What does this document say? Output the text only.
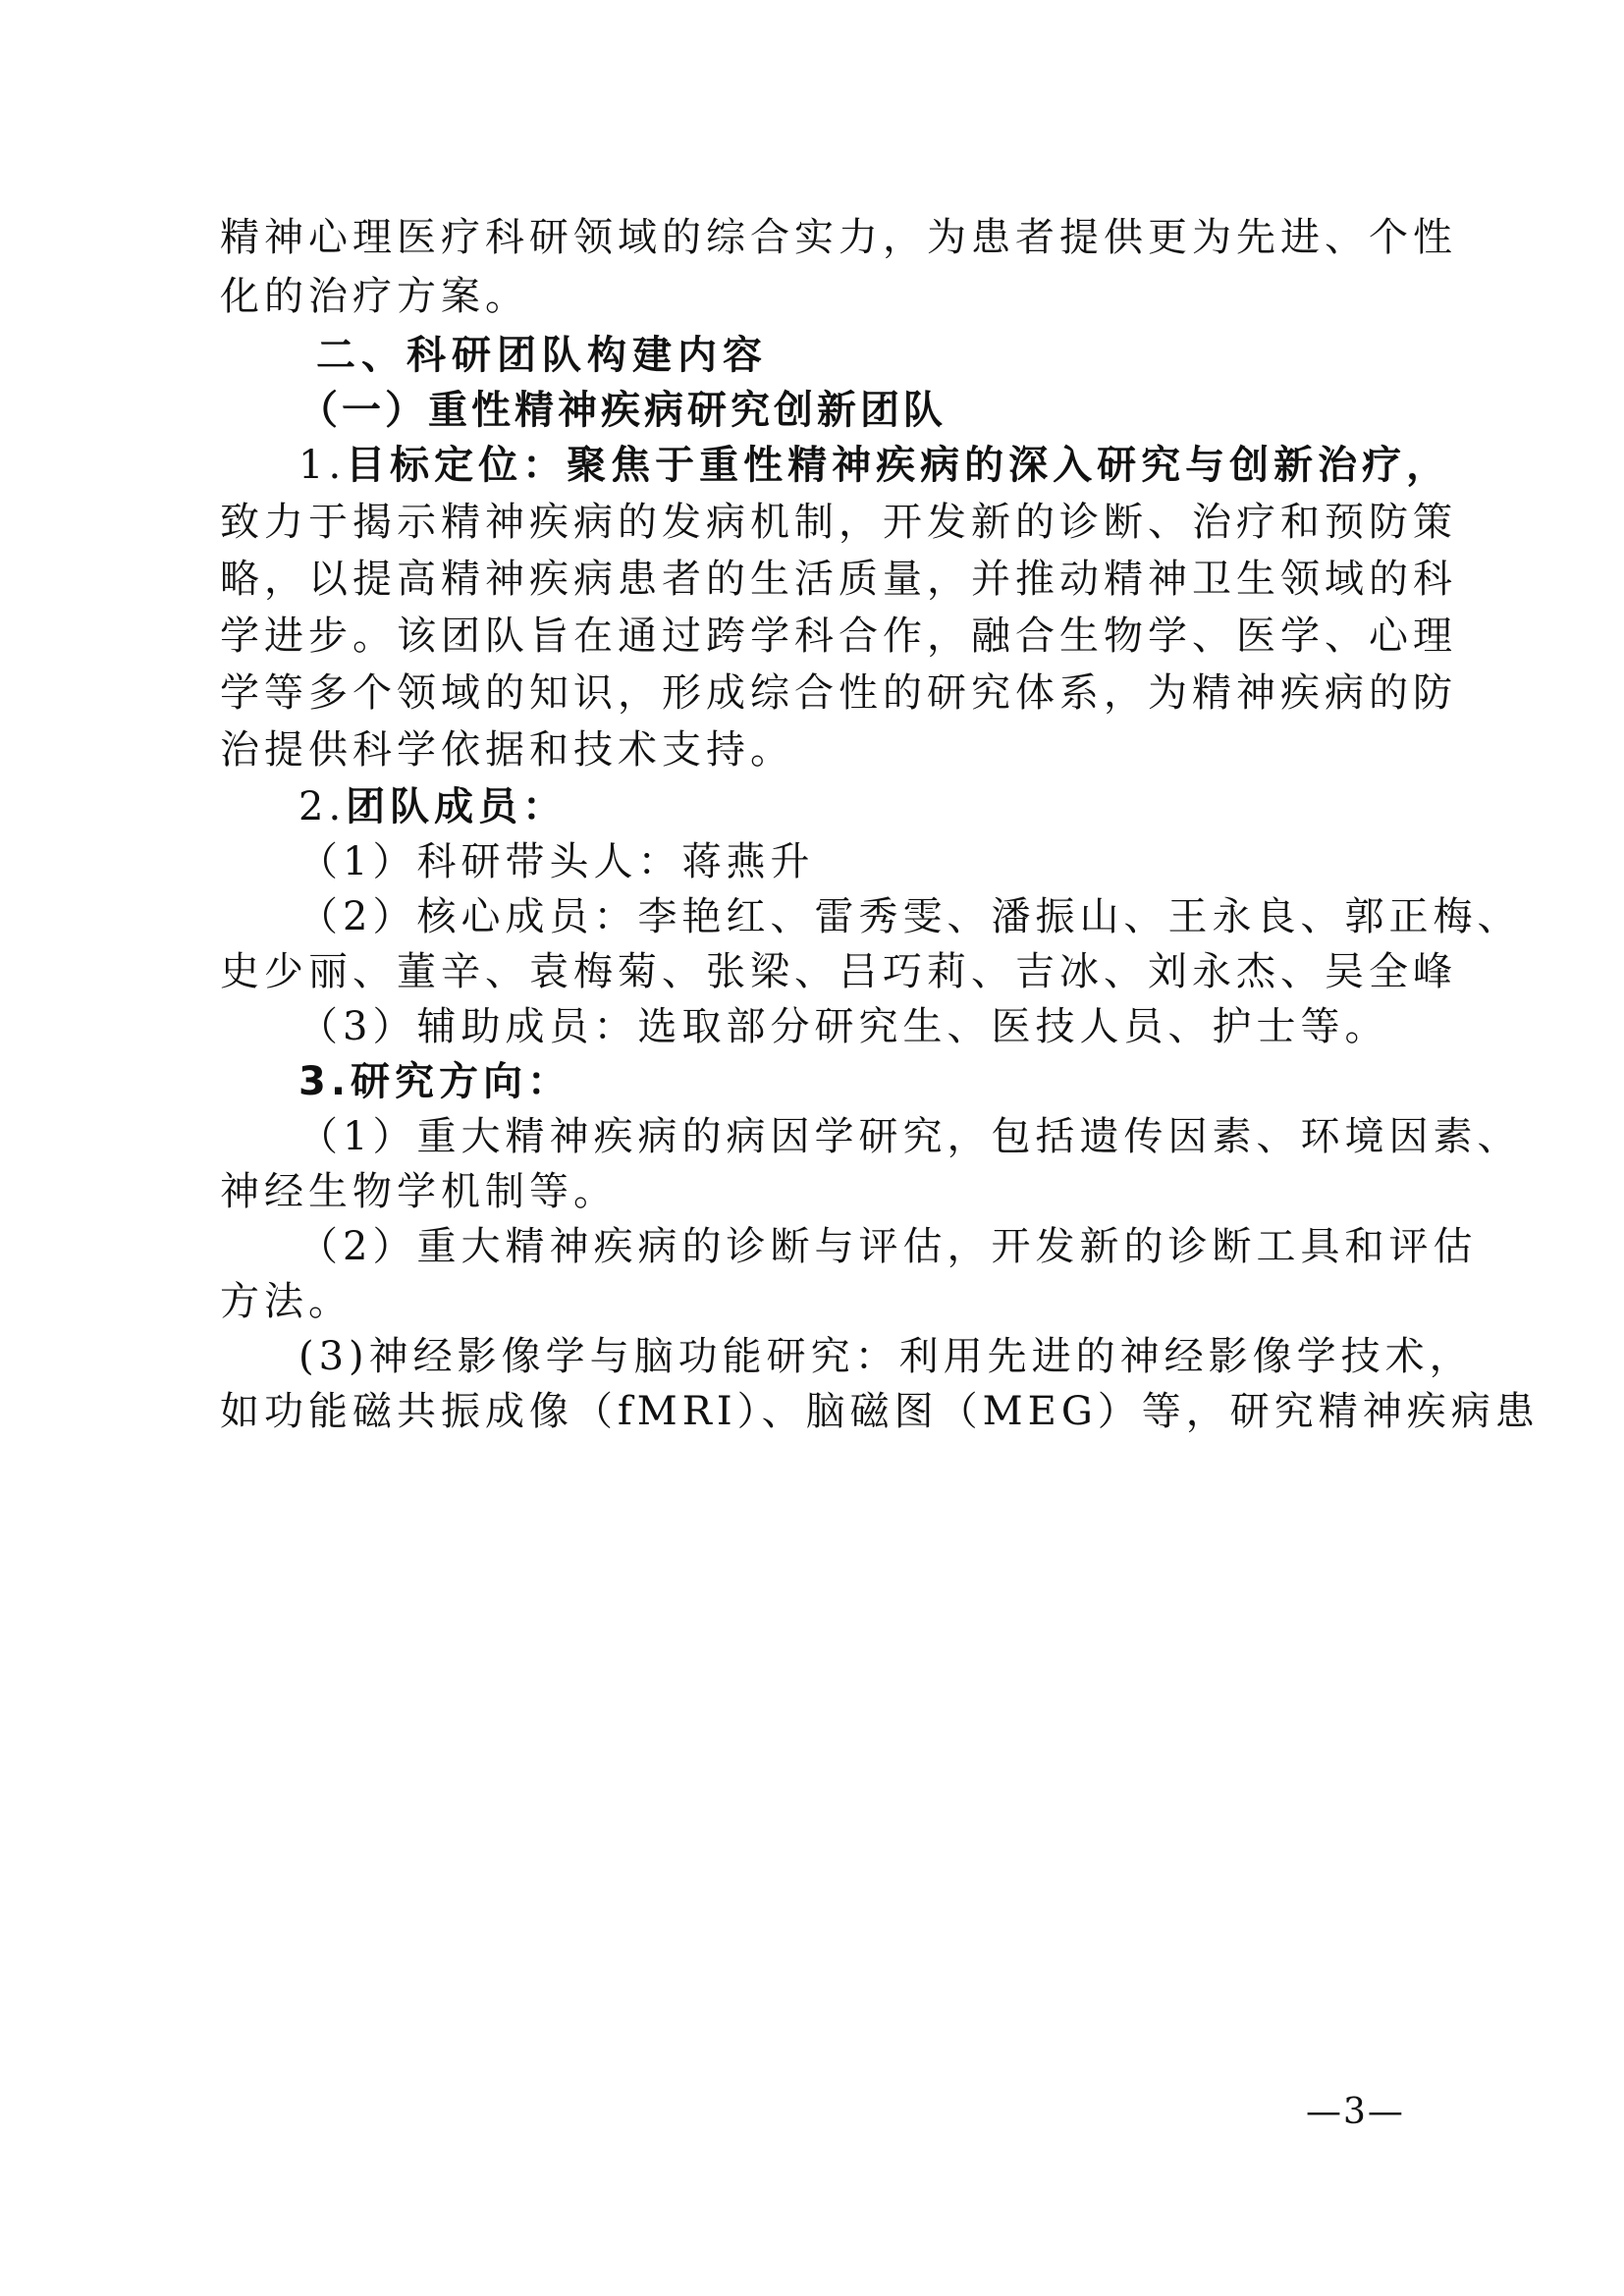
精神心理医疗科研领域的综合实力，为患者提供更为先进、个性
化的治疗方案。
二、科研团队构建内容
（一）重性精神疾病研究创新团队
1.目标定位：聚焦于重性精神疾病的深入研究与创新治疗，
致力于揭示精神疾病的发病机制，开发新的诊断、治疗和预防策
略，以提高精神疾病患者的生活质量，并推动精神卫生领域的科
学进步。该团队旨在通过跨学科合作，融合生物学、医学、心理
学等多个领域的知识，形成综合性的研究体系，为精神疾病的防
治提供科学依据和技术支持。
2.团队成员：
（1）科研带头人：蒋燕升
（2）核心成员：李艳红、雷秀雯、潘振山、王永良、郭正梅、
史少丽、董辛、袁梅菊、张梁、吕巧莉、吉冰、刘永杰、吴全峰
（3）辅助成员：选取部分研究生、医技人员、护士等。
3.研究方向：
（1）重大精神疾病的病因学研究，包括遗传因素、环境因素、
神经生物学机制等。
（2）重大精神疾病的诊断与评估，开发新的诊断工具和评估
方法。
(3)神经影像学与脑功能研究：利用先进的神经影像学技术，
如功能磁共振成像（fMRI）、脑磁图（MEG）等，研究精神疾病患
—3—
